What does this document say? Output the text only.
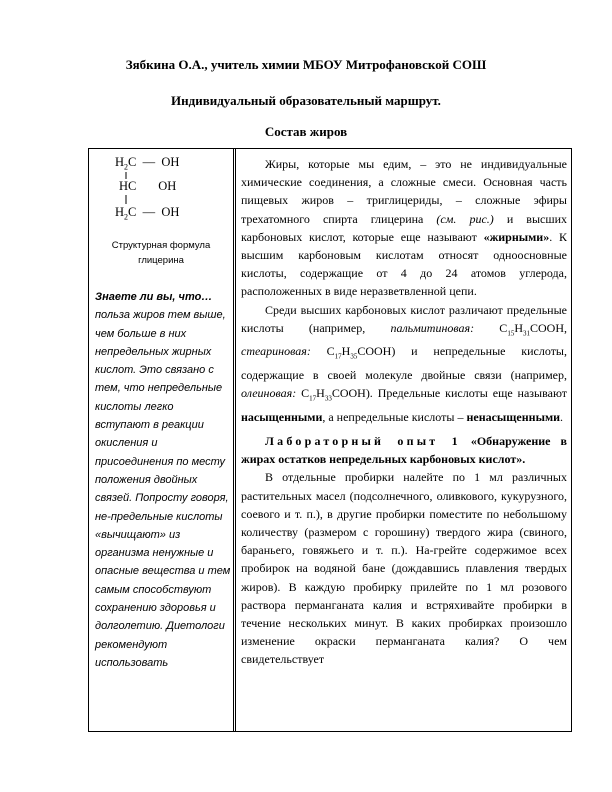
Зябкина О.А., учитель химии МБОУ Митрофановской СОШ
Индивидуальный образовательный маршрут.
Состав жиров
$H_2C$  —  OH
HC       OH
$H_2C$  —  OH
Структурная формула глицерина
Знаете ли вы, что…
польза жиров тем выше, чем больше в них непредельных жирных кислот. Это связано с тем, что непредельные кислоты легко вступают в реакции окисления и присоединения по месту положения двойных связей. Попросту говоря, не-предельные кислоты «вычищают» из организма ненужные и опасные вещества и тем самым способствуют сохранению здоровья и долголетию. Диетологи рекомендуют использовать

Жиры, которые мы едим, – это не индивидуальные химические соединения, а сложные смеси. Основная часть пищевых жиров – триглицериды, – сложные эфиры трехатомного спирта глицерина (см. рис.) и высших карбоновых кислот, которые еще называют «жирными». К высшим карбоновым кислотам относят одноосновные кислоты, содержащие от 4 до 24 атомов углерода, расположенных в виде неразветвленной цепи.

Среди высших карбоновых кислот различают предельные кислоты (например, пальмитиновая: $C_{15}H_{31}COOH$, стеариновая: $C_{17}H_{35}COOH$) и непредельные кислоты, содержащие в своей молекуле двойные связи (например, олеиновая: $C_{17}H_{33}COOH$). Предельные кислоты еще называют насыщенными, а непредельные кислоты – ненасыщенными.

Лабораторный опыт 1 «Обнаружение в жирах остатков непредельных карбоновых кислот».

В отдельные пробирки налейте по 1 мл различных растительных масел (подсолнечного, оливкового, кукурузного, соевого и т. п.), в другие пробирки поместите по небольшому количеству (размером с горошину) твердого жира (свиного, бараньего, говяжьего и т. п.). На-грейте содержимое всех пробирок на водяной бане (дождавшись плавления твердых жиров). В каждую пробирку прилейте по 1 мл розового раствора перманганата калия и встряхивайте пробирки в течение нескольких минут. В каких пробирках произошло изменение окраски перманганата калия? О чем свидетельствует
